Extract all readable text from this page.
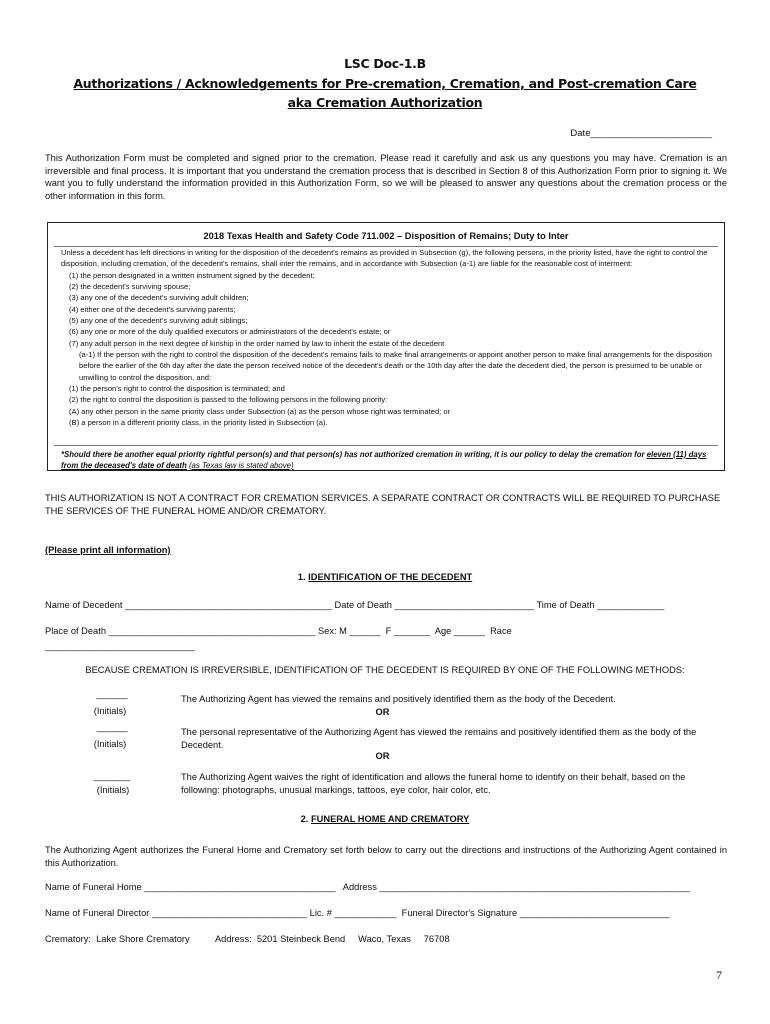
LSC Doc-1.B
Authorizations / Acknowledgements for Pre-cremation, Cremation, and Post-cremation Care
aka Cremation Authorization
Date_______________________
This Authorization Form must be completed and signed prior to the cremation. Please read it carefully and ask us any questions you may have. Cremation is an irreversible and final process. It is important that you understand the cremation process that is described in Section 8 of this Authorization Form prior to signing it. We want you to fully understand the information provided in this Authorization Form, so we will be pleased to answer any questions about the cremation process or the other information in this form.
2018 Texas Health and Safety Code 711.002 – Disposition of Remains; Duty to Inter
Unless a decedent has left directions in writing for the disposition of the decedent's remains as provided in Subsection (g), the following persons, in the priority listed, have the right to control the disposition, including cremation, of the decedent's remains, shall inter the remains, and in accordance with Subsection (a-1) are liable for the reasonable cost of interment:
(1) the person designated in a written instrument signed by the decedent;
(2) the decedent's surviving spouse;
(3) any one of the decedent's surviving adult children;
(4) either one of the decedent's surviving parents;
(5) any one of the decedent's surviving adult siblings;
(6) any one or more of the duly qualified executors or administrators of the decedent's estate; or
(7) any adult person in the next degree of kinship in the order named by law to inherit the estate of the decedent
(a-1) If the person with the right to control the disposition of the decedent's remains fails to make final arrangements or appoint another person to make final arrangements for the disposition before the earlier of the 6th day after the date the person received notice of the decedent's death or the 10th day after the date the decedent died, the person is presumed to be unable or unwilling to control the disposition, and:
(1) the person's right to control the disposition is terminated; and
(2) the right to control the disposition is passed to the following persons in the following priority:
(A) any other person in the same priority class under Subsection (a) as the person whose right was terminated; or
(B) a person in a different priority class, in the priority listed in Subsection (a).
*Should there be another equal priority rightful person(s) and that person(s) has not authorized cremation in writing, it is our policy to delay the cremation for eleven (11) days from the deceased's date of death (as Texas law is stated above)
THIS AUTHORIZATION IS NOT A CONTRACT FOR CREMATION SERVICES. A SEPARATE CONTRACT OR CONTRACTS WILL BE REQUIRED TO PURCHASE THE SERVICES OF THE FUNERAL HOME AND/OR CREMATORY.
(Please print all information)
1. IDENTIFICATION OF THE DECEDENT
Name of Decedent ________________________________________ Date of Death ___________________________ Time of Death _____________
Place of Death ________________________________________ Sex: M ______  F _______  Age ______  Race
_____________________________
BECAUSE CREMATION IS IRREVERSIBLE, IDENTIFICATION OF THE DECEDENT IS REQUIRED BY ONE OF THE FOLLOWING METHODS:
______
(Initials)
The Authorizing Agent has viewed the remains and positively identified them as the body of the Decedent.
OR
______
(Initials)
The personal representative of the Authorizing Agent has viewed the remains and positively identified them as the body of the Decedent.
OR
_______
(Initials)
The Authorizing Agent waives the right of identification and allows the funeral home to identify on their behalf, based on the following: photographs, unusual markings, tattoos, eye color, hair color, etc.
2. FUNERAL HOME AND CREMATORY
The Authorizing Agent authorizes the Funeral Home and Crematory set forth below to carry out the directions and instructions of the Authorizing Agent contained in this Authorization.
Name of Funeral Home _____________________________________   Address ____________________________________________________________
Name of Funeral Director ______________________________ Lic. # ____________  Funeral Director's Signature _____________________________
Crematory:  Lake Shore Crematory          Address:  5201 Steinbeck Bend     Waco, Texas     76708
7
